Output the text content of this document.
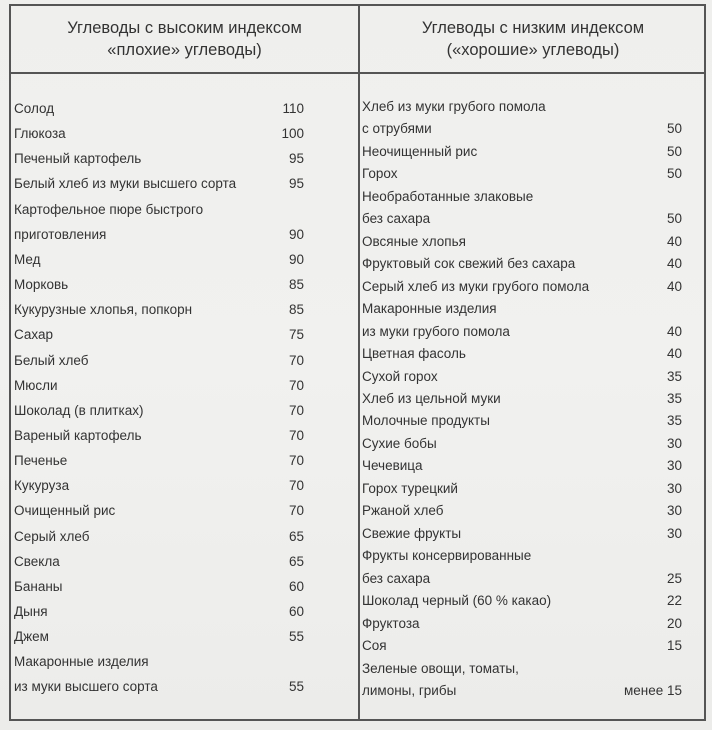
Углеводы с высоким индексом
«плохие» углеводы)
Углеводы с низким индексом
(«хорошие» углеводы)
Солод	110
Глюкоза	100
Печеный картофель	95
Белый хлеб из муки высшего сорта	95
Картофельное пюре быстрого
приготовления	90
Мед	90
Морковь	85
Кукурузные хлопья, попкорн	85
Сахар	75
Белый хлеб	70
Мюсли	70
Шоколад (в плитках)	70
Вареный картофель	70
Печенье	70
Кукуруза	70
Очищенный рис	70
Серый хлеб	65
Свекла	65
Бананы	60
Дыня	60
Джем	55
Макаронные изделия
из муки высшего сорта	55
Хлеб из муки грубого помола
с отрубями	50
Неочищенный рис	50
Горох	50
Необработанные злаковые
без сахара	50
Овсяные хлопья	40
Фруктовый сок свежий без сахара	40
Серый хлеб из муки грубого помола	40
Макаронные изделия
из муки грубого помола	40
Цветная фасоль	40
Сухой горох	35
Хлеб из цельной муки	35
Молочные продукты	35
Сухие бобы	30
Чечевица	30
Горох турецкий	30
Ржаной хлеб	30
Свежие фрукты	30
Фрукты консервированные
без сахара	25
Шоколад черный (60 % какао)	22
Фруктоза	20
Соя	15
Зеленые овощи, томаты,
лимоны, грибы	менее 15
